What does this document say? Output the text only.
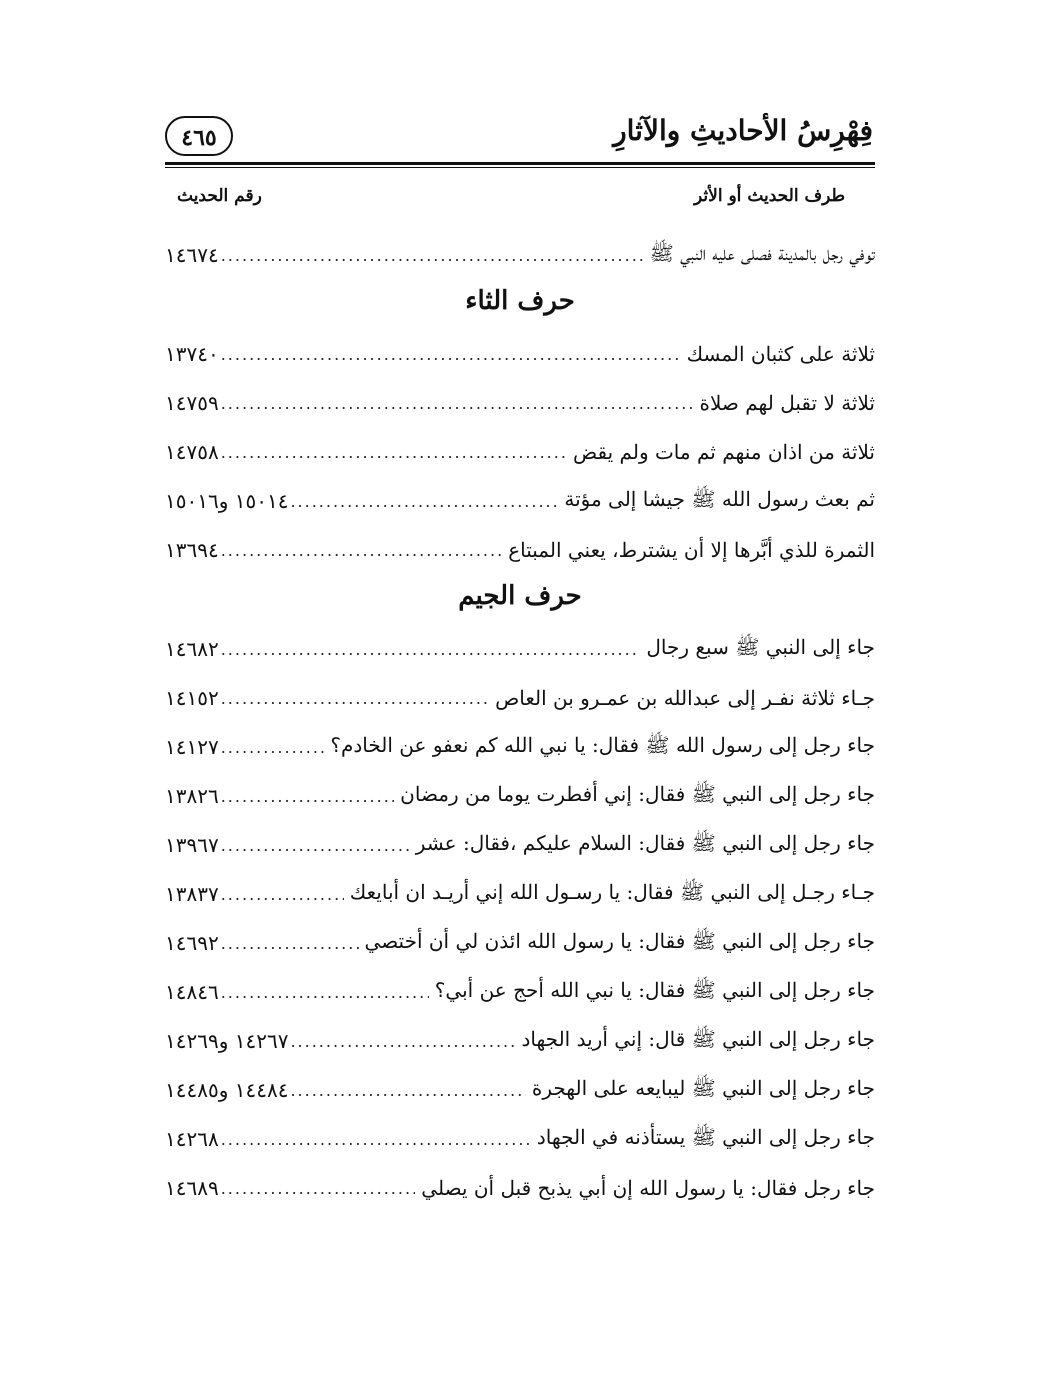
فِهْرِسُ الأحاديثِ والآثارِ
٤٦٥
طرف الحديث أو الأثر
رقم الحديث
توفي رجل بالمدينة فصلى عليه النبي ﷺ
.....
١٤٦٧٤
حرف الثاء
ثلاثة على كثبان المسك
.....
١٣٧٤٠
ثلاثة لا تقبل لهم صلاة
.....
١٤٧٥٩
ثلاثة من اذان منهم ثم مات ولم يقض
.....
١٤٧٥٨
ثم بعث رسول الله ﷺ جيشا إلى مؤتة
.....
١٥٠١٤ و١٥٠١٦
الثمرة للذي أبَّرها إلا أن يشترط، يعني المبتاع
.....
١٣٦٩٤
حرف الجيم
جاء إلى النبي ﷺ سبع رجال
.....
١٤٦٨٢
جـاء ثلاثة نفـر إلى عبدالله بن عمـرو بن العاص
.....
١٤١٥٢
جاء رجل إلى رسول الله ﷺ فقال: يا نبي الله كم نعفو عن الخادم؟
.....
١٤١٢٧
جاء رجل إلى النبي ﷺ فقال: إني أفطرت يوما من رمضان
.....
١٣٨٢٦
جاء رجل إلى النبي ﷺ فقال: السلام عليكم ،فقال: عشر
.....
١٣٩٦٧
جـاء رجـل إلى النبي ﷺ فقال: يا رسـول الله إني أريـد ان أبايعك
.....
١٣٨٣٧
جاء رجل إلى النبي ﷺ فقال: يا رسول الله ائذن لي أن أختصي
.....
١٤٦٩٢
جاء رجل إلى النبي ﷺ فقال: يا نبي الله أحج عن أبي؟
.....
١٤٨٤٦
جاء رجل إلى النبي ﷺ قال: إني أريد الجهاد
.....
١٤٢٦٧ و١٤٢٦٩
جاء رجل إلى النبي ﷺ ليبايعه على الهجرة
.....
١٤٤٨٤ و١٤٤٨٥
جاء رجل إلى النبي ﷺ يستأذنه في الجهاد
.....
١٤٢٦٨
جاء رجل فقال: يا رسول الله إن أبي يذبح قبل أن يصلي
.....
١٤٦٨٩
